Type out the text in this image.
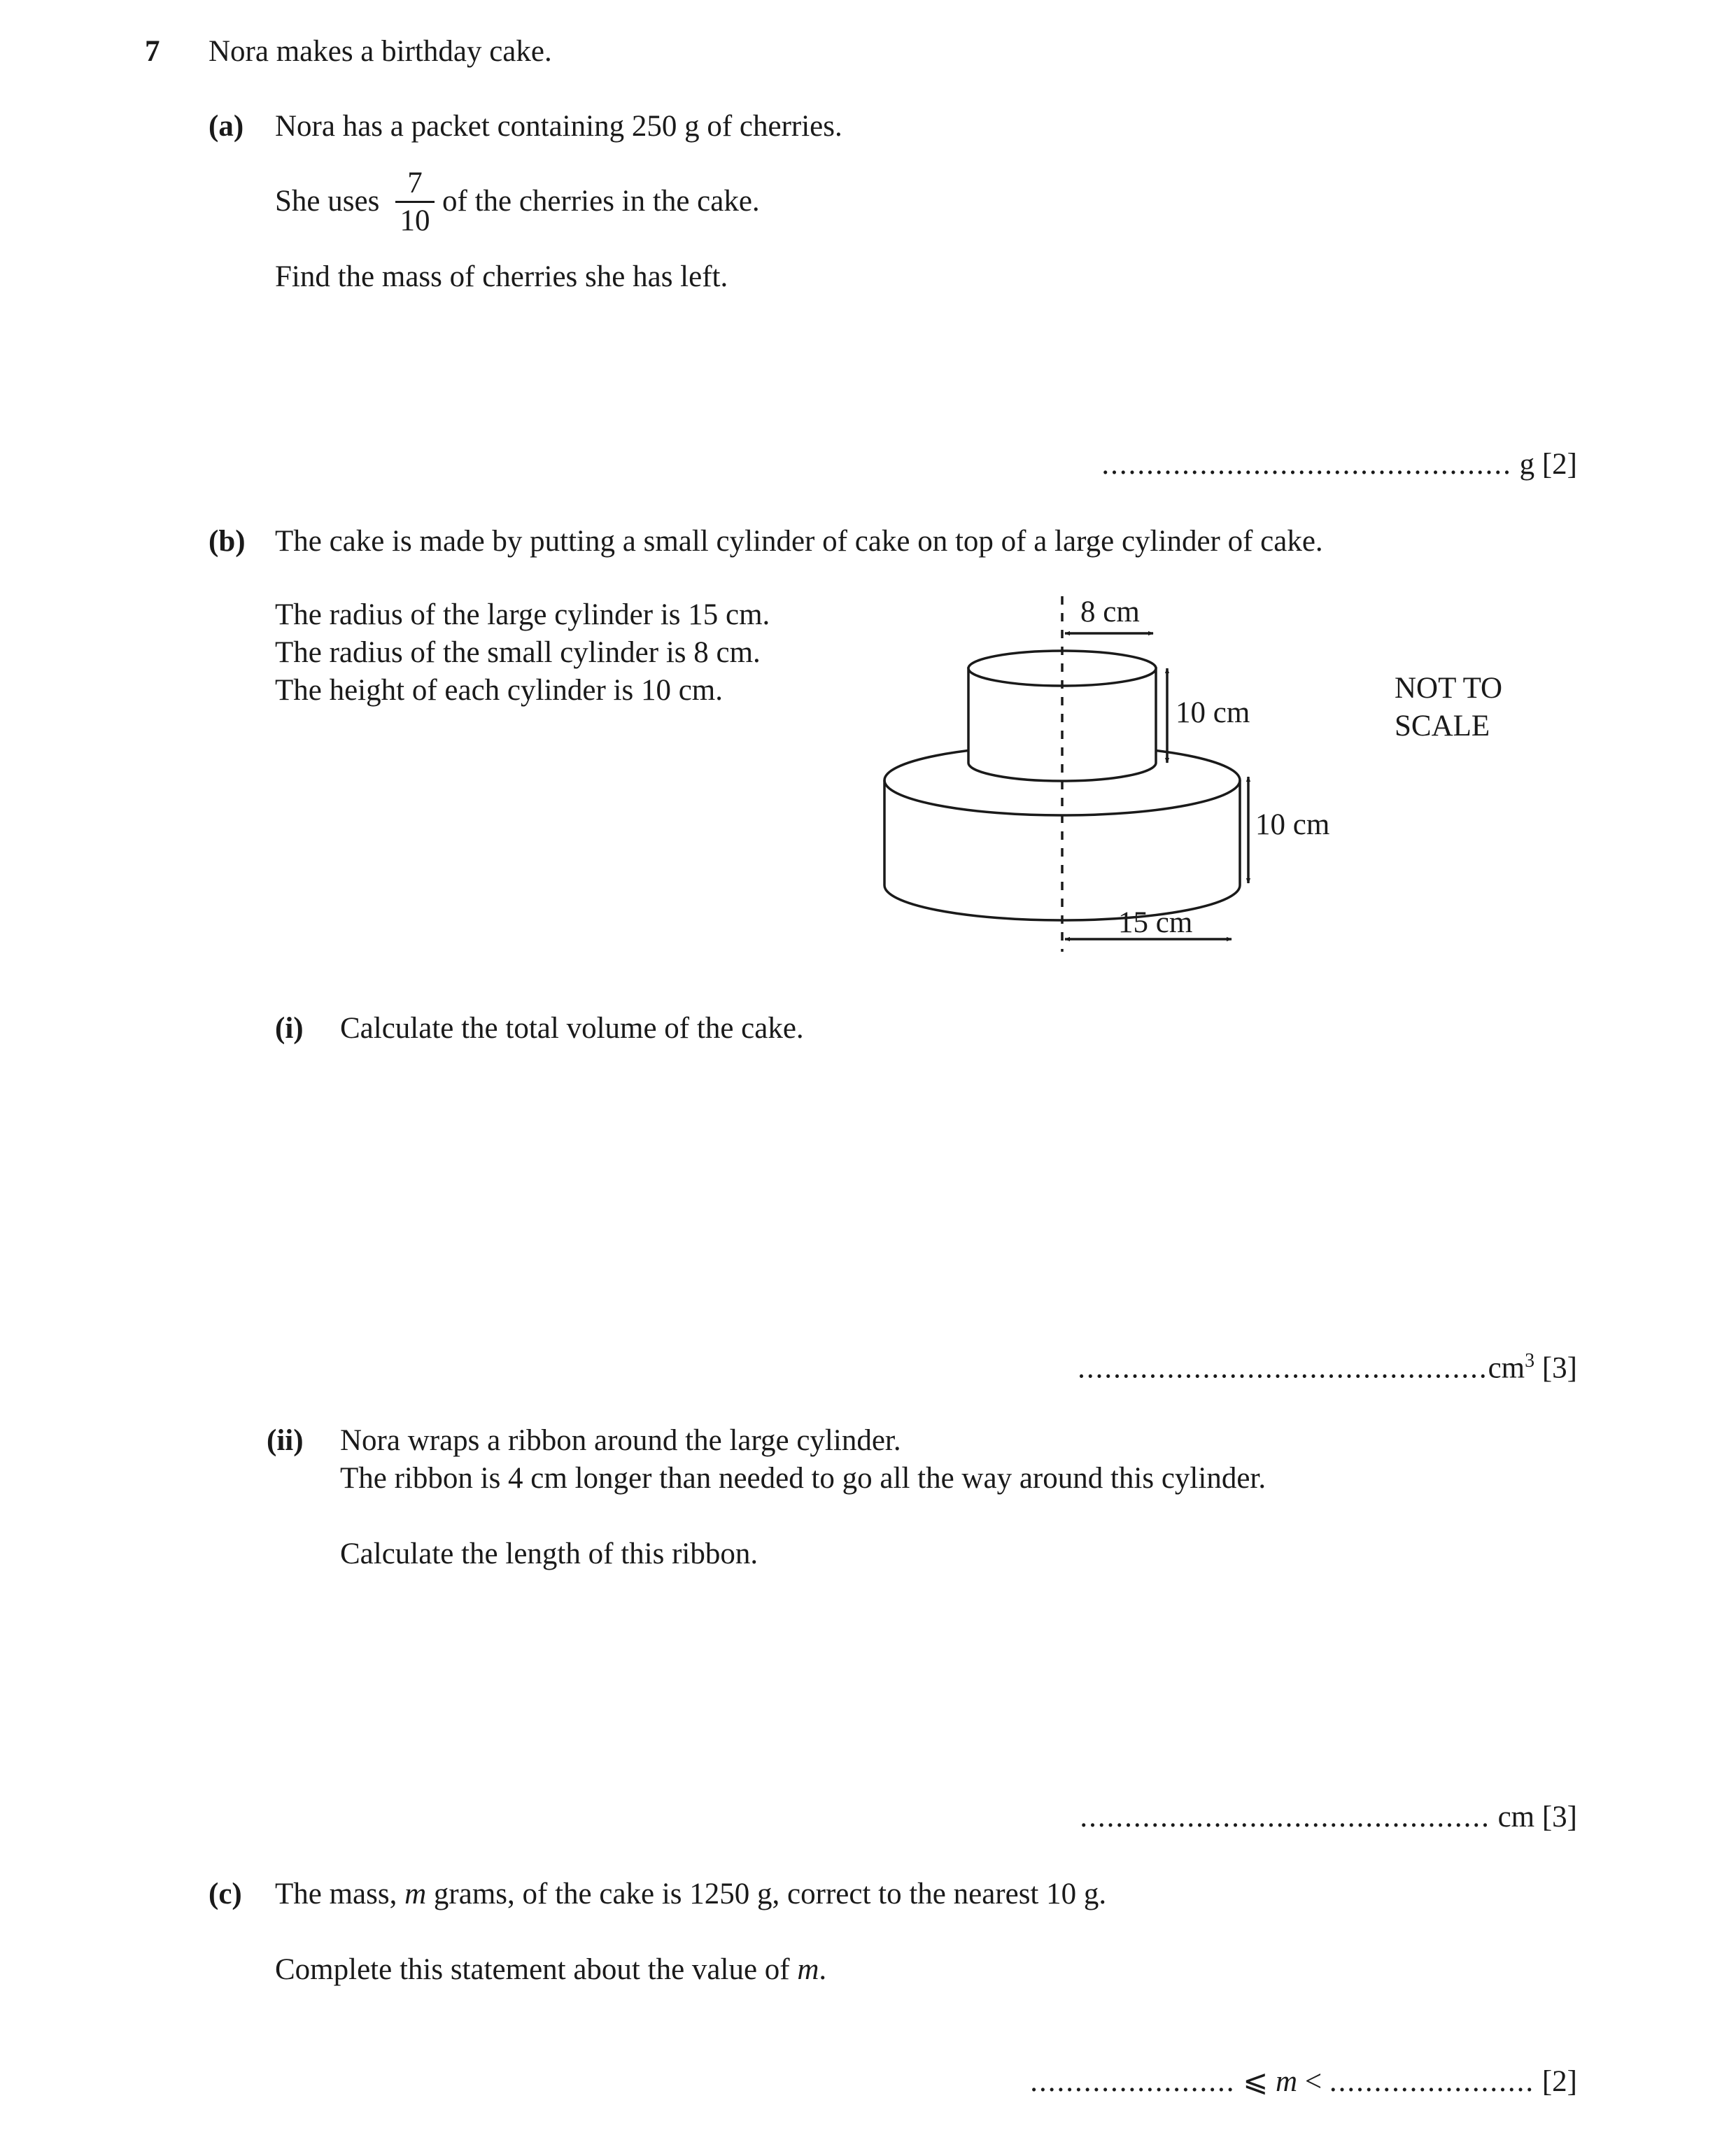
7 Nora makes a birthday cake.
(a) Nora has a packet containing 250 g of cherries.
She uses $\frac{7}{10}$ of the cherries in the cake.
Find the mass of cherries she has left.
.............................................. g [2]
(b) The cake is made by putting a small cylinder of cake on top of a large cylinder of cake.
The radius of the large cylinder is 15 cm.
The radius of the small cylinder is 8 cm.
The height of each cylinder is 10 cm.
8 cm
10 cm
10 cm
15 cm
NOT TO
SCALE
(i) Calculate the total volume of the cake.
$..............................................cm^3$ [3]
(ii) Nora wraps a ribbon around the large cylinder.
The ribbon is 4 cm longer than needed to go all the way around this cylinder.
Calculate the length of this ribbon.
.............................................. cm [3]
(c) The mass, m grams, of the cake is 1250 g, correct to the nearest 10 g.
Complete this statement about the value of m.
....................... ⩽ m < ....................... [2]
